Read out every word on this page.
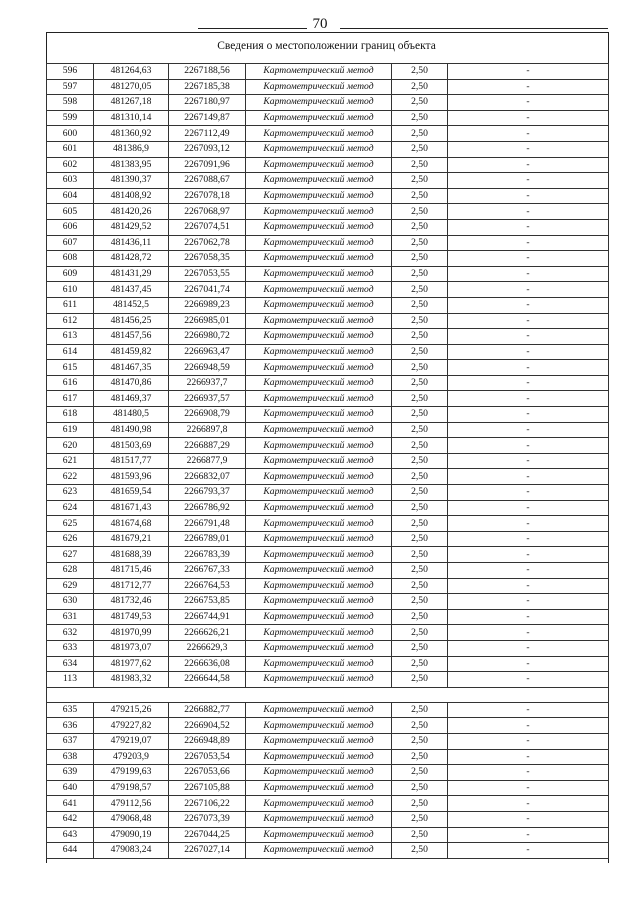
70
Сведения о местоположении границ объекта
596	481264,63	2267188,56	Картометрический метод	2,50	-
597	481270,05	2267185,38	Картометрический метод	2,50	-
598	481267,18	2267180,97	Картометрический метод	2,50	-
599	481310,14	2267149,87	Картометрический метод	2,50	-
600	481360,92	2267112,49	Картометрический метод	2,50	-
601	481386,9	2267093,12	Картометрический метод	2,50	-
602	481383,95	2267091,96	Картометрический метод	2,50	-
603	481390,37	2267088,67	Картометрический метод	2,50	-
604	481408,92	2267078,18	Картометрический метод	2,50	-
605	481420,26	2267068,97	Картометрический метод	2,50	-
606	481429,52	2267074,51	Картометрический метод	2,50	-
607	481436,11	2267062,78	Картометрический метод	2,50	-
608	481428,72	2267058,35	Картометрический метод	2,50	-
609	481431,29	2267053,55	Картометрический метод	2,50	-
610	481437,45	2267041,74	Картометрический метод	2,50	-
611	481452,5	2266989,23	Картометрический метод	2,50	-
612	481456,25	2266985,01	Картометрический метод	2,50	-
613	481457,56	2266980,72	Картометрический метод	2,50	-
614	481459,82	2266963,47	Картометрический метод	2,50	-
615	481467,35	2266948,59	Картометрический метод	2,50	-
616	481470,86	2266937,7	Картометрический метод	2,50	-
617	481469,37	2266937,57	Картометрический метод	2,50	-
618	481480,5	2266908,79	Картометрический метод	2,50	-
619	481490,98	2266897,8	Картометрический метод	2,50	-
620	481503,69	2266887,29	Картометрический метод	2,50	-
621	481517,77	2266877,9	Картометрический метод	2,50	-
622	481593,96	2266832,07	Картометрический метод	2,50	-
623	481659,54	2266793,37	Картометрический метод	2,50	-
624	481671,43	2266786,92	Картометрический метод	2,50	-
625	481674,68	2266791,48	Картометрический метод	2,50	-
626	481679,21	2266789,01	Картометрический метод	2,50	-
627	481688,39	2266783,39	Картометрический метод	2,50	-
628	481715,46	2266767,33	Картометрический метод	2,50	-
629	481712,77	2266764,53	Картометрический метод	2,50	-
630	481732,46	2266753,85	Картометрический метод	2,50	-
631	481749,53	2266744,91	Картометрический метод	2,50	-
632	481970,99	2266626,21	Картометрический метод	2,50	-
633	481973,07	2266629,3	Картометрический метод	2,50	-
634	481977,62	2266636,08	Картометрический метод	2,50	-
113	481983,32	2266644,58	Картометрический метод	2,50	-

635	479215,26	2266882,77	Картометрический метод	2,50	-
636	479227,82	2266904,52	Картометрический метод	2,50	-
637	479219,07	2266948,89	Картометрический метод	2,50	-
638	479203,9	2267053,54	Картометрический метод	2,50	-
639	479199,63	2267053,66	Картометрический метод	2,50	-
640	479198,57	2267105,88	Картометрический метод	2,50	-
641	479112,56	2267106,22	Картометрический метод	2,50	-
642	479068,48	2267073,39	Картометрический метод	2,50	-
643	479090,19	2267044,25	Картометрический метод	2,50	-
644	479083,24	2267027,14	Картометрический метод	2,50	-
